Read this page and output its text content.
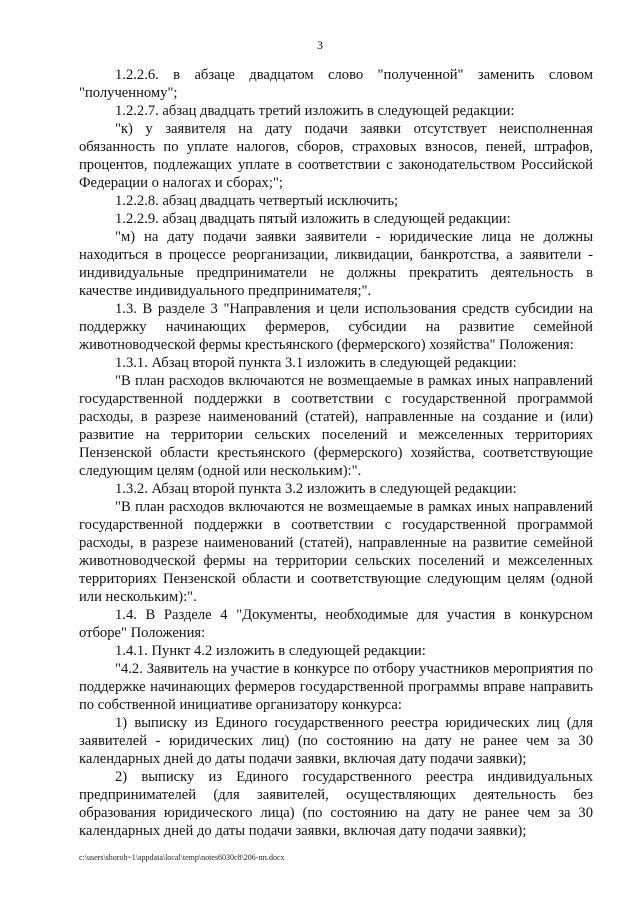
3

1.2.2.6. в абзаце двадцатом слово "полученной" заменить словом "полученному";

1.2.2.7. абзац двадцать третий изложить в следующей редакции:

"к) у заявителя на дату подачи заявки отсутствует неисполненная обязанность по уплате налогов, сборов, страховых взносов, пеней, штрафов, процентов, подлежащих уплате в соответствии с законодательством Российской Федерации о налогах и сборах;";

1.2.2.8. абзац двадцать четвертый исключить;

1.2.2.9. абзац двадцать пятый изложить в следующей редакции:

"м) на дату подачи заявки заявители - юридические лица не должны находиться в процессе реорганизации, ликвидации, банкротства, а заявители - индивидуальные предприниматели не должны прекратить деятельность в качестве индивидуального предпринимателя;".

1.3. В разделе 3 "Направления и цели использования средств субсидии на поддержку начинающих фермеров, субсидии на развитие семейной животноводческой фермы крестьянского (фермерского) хозяйства" Положения:

1.3.1. Абзац второй пункта 3.1 изложить в следующей редакции:

"В план расходов включаются не возмещаемые в рамках иных направлений государственной поддержки в соответствии с государственной программой расходы, в разрезе наименований (статей), направленные на создание и (или) развитие на территории сельских поселений и межселенных территориях Пензенской области крестьянского (фермерского) хозяйства, соответствующие следующим целям (одной или нескольким):".

1.3.2. Абзац второй пункта 3.2 изложить в следующей редакции:

"В план расходов включаются не возмещаемые в рамках иных направлений государственной поддержки в соответствии с государственной программой расходы, в разрезе наименований (статей), направленные на развитие семейной животноводческой фермы на территории сельских поселений и межселенных территориях Пензенской области и соответствующие следующим целям (одной или нескольким):".

1.4. В Разделе 4 "Документы, необходимые для участия в конкурсном отборе" Положения:

1.4.1. Пункт 4.2 изложить в следующей редакции:

"4.2. Заявитель на участие в конкурсе по отбору участников мероприятия по поддержке начинающих фермеров государственной программы вправе направить по собственной инициативе организатору конкурса:

1) выписку из Единого государственного реестра юридических лиц (для заявителей - юридических лиц) (по состоянию на дату не ранее чем за 30 календарных дней до даты подачи заявки, включая дату подачи заявки);

2) выписку из Единого государственного реестра индивидуальных предпринимателей (для заявителей, осуществляющих деятельность без образования юридического лица) (по состоянию на дату не ранее чем за 30 календарных дней до даты подачи заявки, включая дату подачи заявки);

c:\users\shoroh~1\appdata\local\temp\notes6030c8\206-пп.docx
